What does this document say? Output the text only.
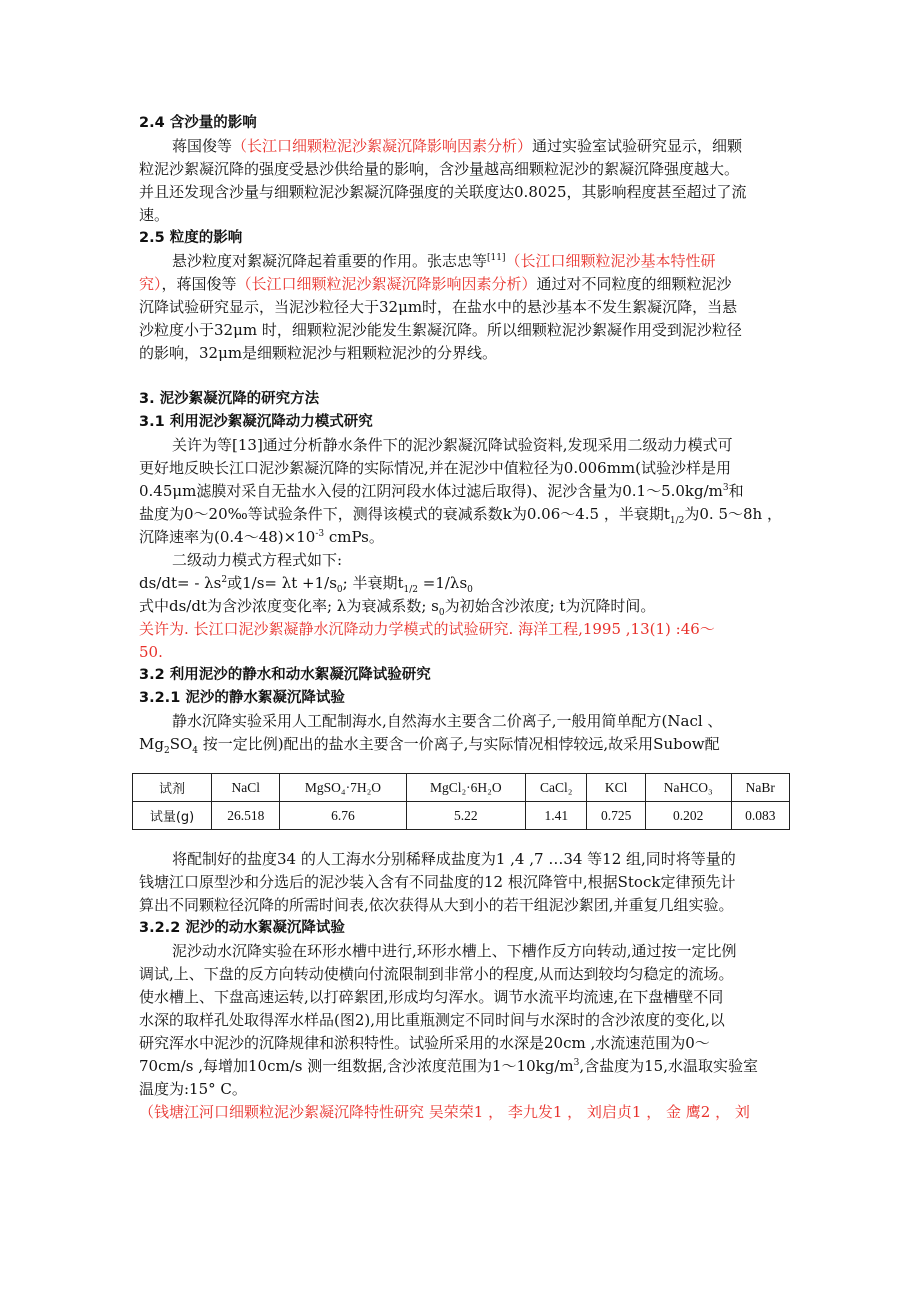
2.4 含沙量的影响
蒋国俊等（长江口细颗粒泥沙絮凝沉降影响因素分析）通过实验室试验研究显示，细颗
粒泥沙絮凝沉降的强度受悬沙供给量的影响，含沙量越高细颗粒泥沙的絮凝沉降强度越大。
并且还发现含沙量与细颗粒泥沙絮凝沉降强度的关联度达0.8025，其影响程度甚至超过了流
速。
2.5 粒度的影响
悬沙粒度对絮凝沉降起着重要的作用。张志忠等[11]（长江口细颗粒泥沙基本特性研
究），蒋国俊等（长江口细颗粒泥沙絮凝沉降影响因素分析）通过对不同粒度的细颗粒泥沙
沉降试验研究显示，当泥沙粒径大于32μm时，在盐水中的悬沙基本不发生絮凝沉降，当悬
沙粒度小于32μm 时，细颗粒泥沙能发生絮凝沉降。所以细颗粒泥沙絮凝作用受到泥沙粒径
的影响，32μm是细颗粒泥沙与粗颗粒泥沙的分界线。
3. 泥沙絮凝沉降的研究方法
3.1 利用泥沙絮凝沉降动力模式研究
关许为等[13]通过分析静水条件下的泥沙絮凝沉降试验资料,发现采用二级动力模式可
更好地反映长江口泥沙絮凝沉降的实际情况,并在泥沙中值粒径为0.006mm(试验沙样是用
0.45μm滤膜对采自无盐水入侵的江阴河段水体过滤后取得)、泥沙含量为$0.1\sim 5.0kg/m^3$和
盐度为0～20‰等试验条件下，测得该模式的衰减系数k为0.06～4.5 ，半衰期$t_{1/2}$为0. 5～8h ，
沉降速率为$(0.4\sim 48)\times 10^{-3}$ cmPs。
二级动力模式方程式如下:
$ds/dt= - \lambda s^2$或$1/s= \lambda t +1/s_0$; 半衰期$t_{1/2} =1/\lambda s_0$
式中ds/dt为含沙浓度变化率; λ为衰减系数; $s_0$为初始含沙浓度; t为沉降时间。
关许为. 长江口泥沙絮凝静水沉降动力学模式的试验研究. 海洋工程,1995 ,13(1) :46～
50.
3.2 利用泥沙的静水和动水絮凝沉降试验研究
3.2.1 泥沙的静水絮凝沉降试验
静水沉降实验采用人工配制海水,自然海水主要含二价离子,一般用简单配方(Nacl 、
$Mg_2SO_4$ 按一定比例)配出的盐水主要含一价离子,与实际情况相悖较远,故采用Subow配
试剂	NaCl	MgSO₄·7H₂O	MgCl₂·6H₂O	CaCl₂	KCl	NaHCO₃	NaBr
试量(g)	26.518	6.76	5.22	1.41	0.725	0.202	0.083
将配制好的盐度34 的人工海水分别稀释成盐度为1 ,4 ,7 …34 等12 组,同时将等量的
钱塘江口原型沙和分选后的泥沙装入含有不同盐度的12 根沉降管中,根据Stock定律预先计
算出不同颗粒径沉降的所需时间表,依次获得从大到小的若干组泥沙絮团,并重复几组实验。
3.2.2 泥沙的动水絮凝沉降试验
泥沙动水沉降实验在环形水槽中进行,环形水槽上、下槽作反方向转动,通过按一定比例
调试,上、下盘的反方向转动使横向付流限制到非常小的程度,从而达到较均匀稳定的流场。
使水槽上、下盘高速运转,以打碎絮团,形成均匀浑水。调节水流平均流速,在下盘槽壁不同
水深的取样孔处取得浑水样品(图2),用比重瓶测定不同时间与水深时的含沙浓度的变化,以
研究浑水中泥沙的沉降规律和淤积特性。试验所采用的水深是20cm ,水流速范围为0～
70cm/s ,每增加10cm/s 测一组数据,含沙浓度范围为$1\sim 10kg/m^3$,含盐度为15,水温取实验室
温度为:15° C。
（钱塘江河口细颗粒泥沙絮凝沉降特性研究 吴荣荣1 ， 李九发1 ， 刘启贞1 ， 金 鹰2 ， 刘
